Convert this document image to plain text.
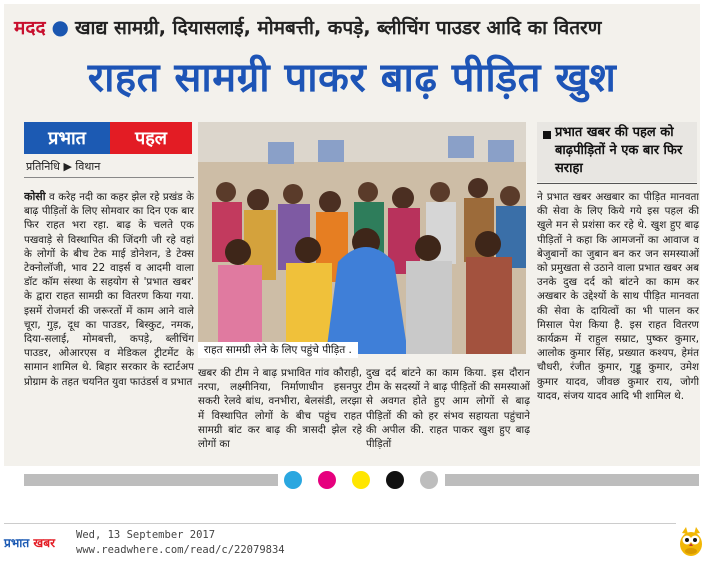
मदद ● खाद्य सामग्री, दियासलाई, मोमबत्ती, कपड़े, ब्लीचिंग पाउडर आदि का वितरण
राहत सामग्री पाकर बाढ़ पीड़ित खुश
प्रभात	पहल
प्रतिनिधि ▶ विथान

कोसी व करेह नदी का कहर झेल रहे प्रखंड के बाढ़ पीड़ितों के लिए सोमवार का दिन एक बार फिर राहत भरा रहा. बाढ़ के चलते एक पखवाड़े से विस्थापित की जिंदगी जी रहे वहां के लोगों के बीच टेक माई डोनेशन, डे टेक्स टेक्नोलॉजी, भाव 22 वाइर्स व आदमी वाला डॉट कॉम संस्था के सहयोग से 'प्रभात खबर' के द्वारा राहत सामग्री का वितरण किया गया. इसमें रोजमर्रा की जरूरतों में काम आने वाले चूरा, गुड़, दूध का पाउडर, बिस्कुट, नमक, दिया-सलाई, मोमबत्ती, कपड़े, ब्लीचिंग पाउडर, ओआरएस व मेडिकल ट्रीटमेंट के सामान शामिल थे. बिहार सरकार के स्टार्टअप प्रोग्राम के तहत चयनित युवा फाउंडर्स व प्रभात

राहत सामग्री लेने के लिए पहुंचे पीड़ित .

खबर की टीम ने बाढ़ प्रभावित गांव कौराही, नरपा, लक्ष्मीनिया, निर्माणाधीन हसनपुर सकरी रेलवे बांध, वनभीरा, बेलसंडी, लरझा में विस्थापित लोगों के बीच पहुंच राहत सामग्री बांट कर बाढ़ की त्रासदी झेल रहे लोगों का

दुख दर्द बांटने का काम किया. इस दौरान टीम के सदस्यों ने बाढ़ पीड़ितों की समस्याओं से अवगत होते हुए आम लोगों से बाढ़ पीड़ितों की को हर संभव सहायता पहुंचाने की अपील की. राहत पाकर खुश हुए बाढ़ पीड़ितों

प्रभात खबर की पहल को बाढ़पीड़ितों ने एक बार फिर सराहा

ने प्रभात खबर अखबार का पीड़ित मानवता की सेवा के लिए किये गये इस पहल की खुले मन से प्रशंसा कर रहे थे. खुश हुए बाढ़ पीड़ितों ने कहा कि आमजनों का आवाज व बेजुबानों का जुबान बन कर जन समस्याओं को प्रमुखता से उठाने वाला प्रभात खबर अब उनके दुख दर्द को बांटने का काम कर अखबार के उद्देश्यों के साथ पीड़ित मानवता की सेवा के दायित्वों का भी पालन कर मिसाल पेश किया है. इस राहत वितरण कार्यक्रम में राहुल सम्राट, पुष्कर कुमार, आलोक कुमार सिंह, प्रख्यात कश्यप, हेमंत चौधरी, रंजीत कुमार, गुड्डू कुमार, उमेश कुमार यादव, जीवछ कुमार राय, जोगी यादव, संजय यादव आदि भी शामिल थे.

प्रभात खबर
Wed, 13 September 2017
www.readwhere.com/read/c/22079834
